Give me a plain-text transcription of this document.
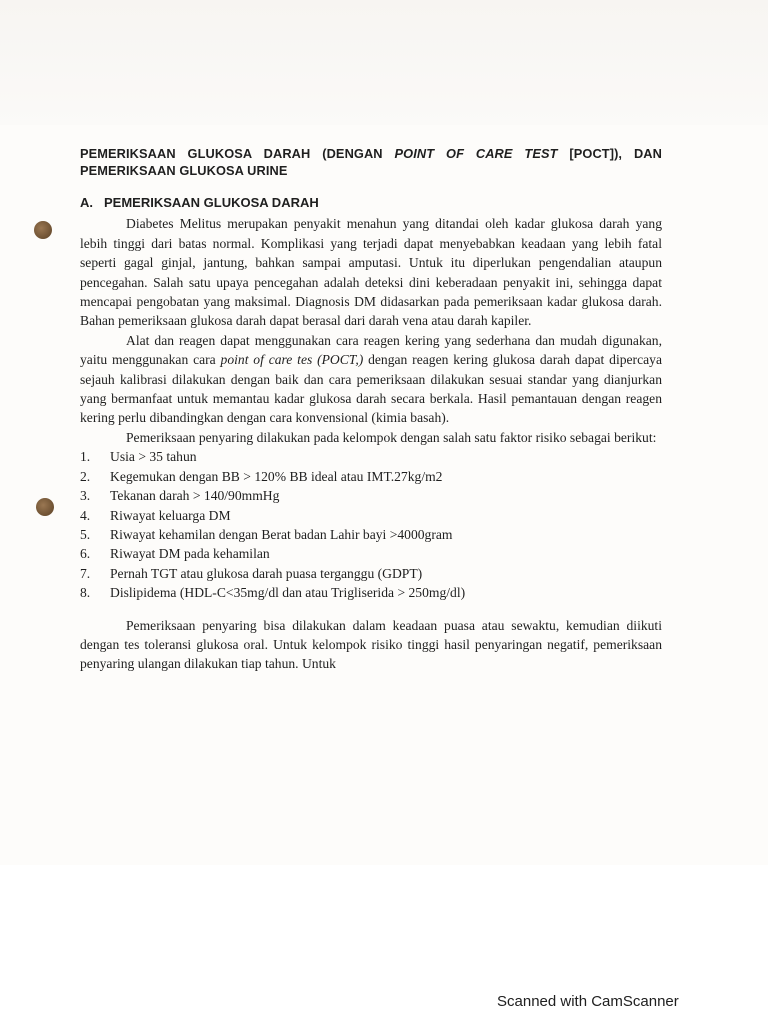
PEMERIKSAAN GLUKOSA DARAH (DENGAN POINT OF CARE TEST [POCT]), DAN PEMERIKSAAN GLUKOSA URINE
A. PEMERIKSAAN GLUKOSA DARAH

Diabetes Melitus merupakan penyakit menahun yang ditandai oleh kadar glukosa darah yang lebih tinggi dari batas normal. Komplikasi yang terjadi dapat menyebabkan keadaan yang lebih fatal seperti gagal ginjal, jantung, bahkan sampai amputasi. Untuk itu diperlukan pengendalian ataupun pencegahan. Salah satu upaya pencegahan adalah deteksi dini keberadaan penyakit ini, sehingga dapat mencapai pengobatan yang maksimal. Diagnosis DM didasarkan pada pemeriksaan kadar glukosa darah. Bahan pemeriksaan glukosa darah dapat berasal dari darah vena atau darah kapiler.

Alat dan reagen dapat menggunakan cara reagen kering yang sederhana dan mudah digunakan, yaitu menggunakan cara point of care tes (POCT,) dengan reagen kering glukosa darah dapat dipercaya sejauh kalibrasi dilakukan dengan baik dan cara pemeriksaan dilakukan sesuai standar yang dianjurkan yang bermanfaat untuk memantau kadar glukosa darah secara berkala. Hasil pemantauan dengan reagen kering perlu dibandingkan dengan cara konvensional (kimia basah).

Pemeriksaan penyaring dilakukan pada kelompok dengan salah satu faktor risiko sebagai berikut:

1.	Usia > 35 tahun
2.	Kegemukan dengan BB > 120% BB ideal atau IMT.27kg/m2
3.	Tekanan darah > 140/90mmHg
4.	Riwayat keluarga DM
5.	Riwayat kehamilan dengan Berat badan Lahir bayi >4000gram
6.	Riwayat DM pada kehamilan
7.	Pernah TGT atau glukosa darah puasa terganggu (GDPT)
8.	Dislipidema (HDL-C<35mg/dl dan atau Trigliserida > 250mg/dl)

Pemeriksaan penyaring bisa dilakukan dalam keadaan puasa atau sewaktu, kemudian diikuti dengan tes toleransi glukosa oral. Untuk kelompok risiko tinggi hasil penyaringan negatif, pemeriksaan penyaring ulangan dilakukan tiap tahun. Untuk

Scanned with CamScanner
